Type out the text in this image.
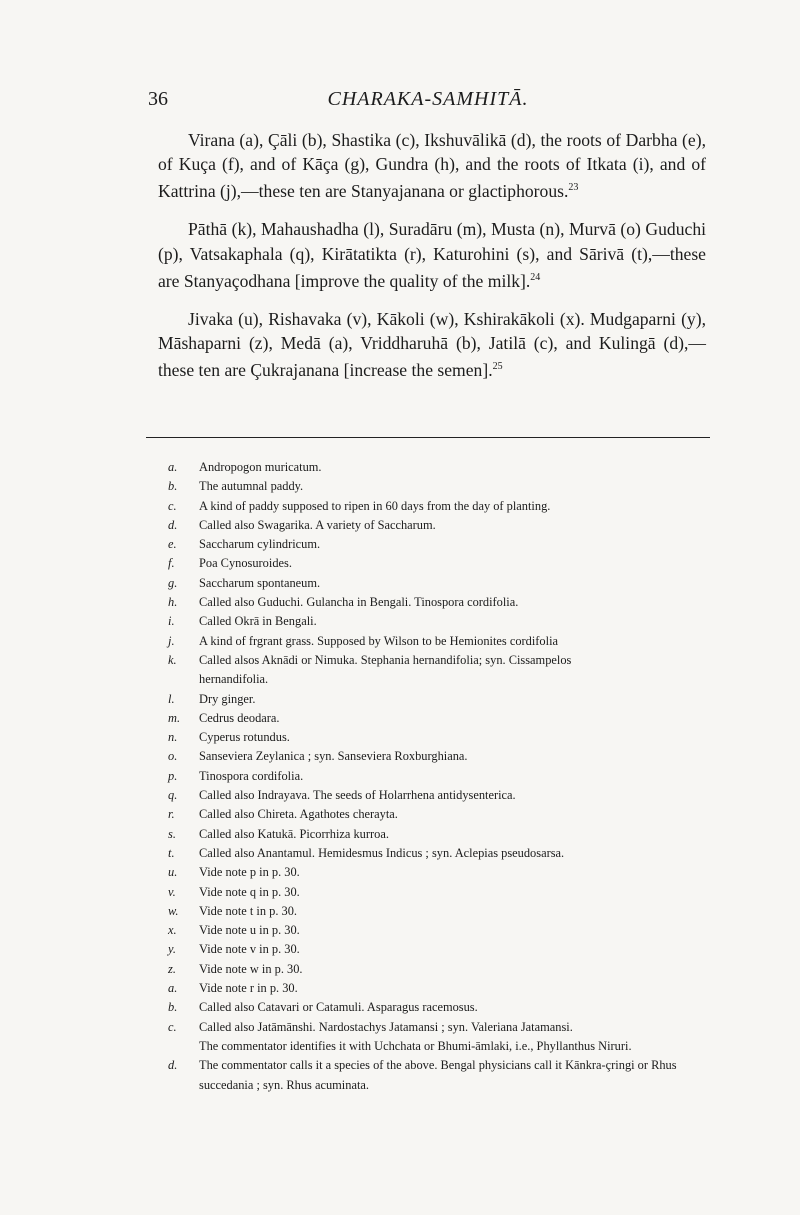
36	CHARAKA-SAMHITĀ.

Virana (a), Çāli (b), Shastika (c), Ikshuvālikā (d), the roots of Darbha (e), of Kuça (f), and of Kāça (g), Gundra (h), and the roots of Itkata (i), and of Kattrina (j),—these ten are Stanyajanana or glactiphorous.$^{23}$

Pāthā (k), Mahaushadha (l), Suradāru (m), Musta (n), Murvā (o) Guduchi (p), Vatsakaphala (q), Kirātatikta (r), Katurohini (s), and Sārivā (t),—these are Stanyaçodhana [improve the quality of the milk].$^{24}$

Jivaka (u), Rishavaka (v), Kākoli (w), Kshirakākoli (x). Mudgaparni (y), Māshaparni (z), Medā (a), Vriddharuhā (b), Jatilā (c), and Kulingā (d),—these ten are Çukrajanana [increase the semen].$^{25}$

a.	Andropogon muricatum.
b.	The autumnal paddy.
c.	A kind of paddy supposed to ripen in 60 days from the day of planting.
d.	Called also Swagarika. A variety of Saccharum.
e.	Saccharum cylindricum.
f.	Poa Cynosuroides.
g.	Saccharum spontaneum.
h.	Called also Guduchi. Gulancha in Bengali. Tinospora cordifolia.
i.	Called Okrā in Bengali.
j.	A kind of frgrant grass. Supposed by Wilson to be Hemionites cordifolia
k.	Called alsos Aknādi or Nimuka. Stephania hernandifolia; syn. Cissampelos
hernandifolia.
l.	Dry ginger.
m.	Cedrus deodara.
n.	Cyperus rotundus.
o.	Sanseviera Zeylanica ; syn. Sanseviera Roxburghiana.
p.	Tinospora cordifolia.
q.	Called also Indrayava. The seeds of Holarrhena antidysenterica.
r.	Called also Chireta. Agathotes cherayta.
s.	Called also Katukā. Picorrhiza kurroa.
t.	Called also Anantamul. Hemidesmus Indicus ; syn. Aclepias pseudosarsa.
u.	Vide note p in p. 30.
v.	Vide note q in p. 30.
w.	Vide note t in p. 30.
x.	Vide note u in p. 30.
y.	Vide note v in p. 30.
z.	Vide note w in p. 30.
a.	Vide note r in p. 30.
b.	Called also Catavari or Catamuli. Asparagus racemosus.
c.	Called also Jatāmānshi. Nardostachys Jatamansi ; syn. Valeriana Jatamansi.
The commentator identifies it with Uchchata or Bhumi-āmlaki, i.e., Phyllanthus Niruri.
d.	The commentator calls it a species of the above. Bengal physicians call it Kānkra-çringi or Rhus succedania ; syn. Rhus acuminata.
